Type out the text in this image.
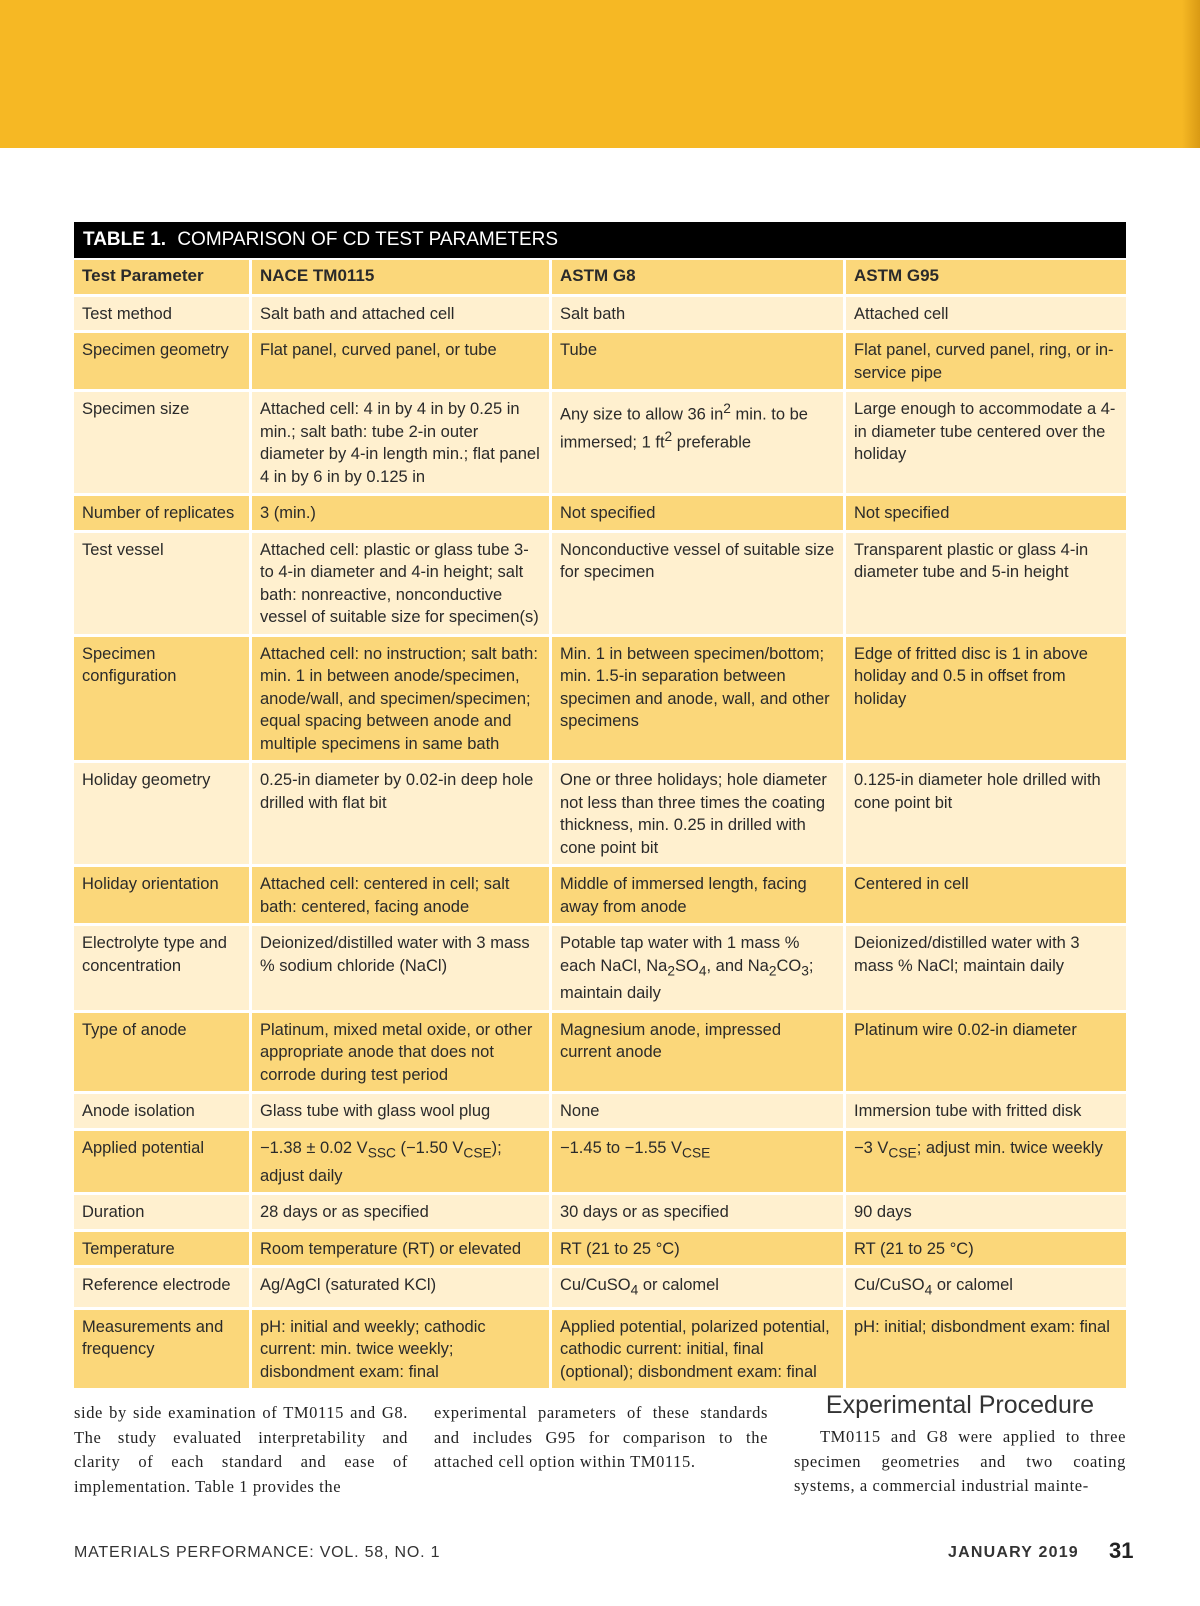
TABLE 1. COMPARISON OF CD TEST PARAMETERS
Test Parameter	NACE TM0115	ASTM G8	ASTM G95
Test method	Salt bath and attached cell	Salt bath	Attached cell
Specimen geometry	Flat panel, curved panel, or tube	Tube	Flat panel, curved panel, ring, or in-service pipe
Specimen size	Attached cell: 4 in by 4 in by 0.25 in min.; salt bath: tube 2-in outer diameter by 4-in length min.; flat panel 4 in by 6 in by 0.125 in	Any size to allow 36 $in^2$ min. to be immersed; 1 $ft^2$ preferable	Large enough to accommodate a 4-in diameter tube centered over the holiday
Number of replicates	3 (min.)	Not specified	Not specified
Test vessel	Attached cell: plastic or glass tube 3- to 4-in diameter and 4-in height; salt bath: nonreactive, nonconductive vessel of suitable size for specimen(s)	Nonconductive vessel of suitable size for specimen	Transparent plastic or glass 4-in diameter tube and 5-in height
Specimen configuration	Attached cell: no instruction; salt bath: min. 1 in between anode/specimen, anode/wall, and specimen/specimen; equal spacing between anode and multiple specimens in same bath	Min. 1 in between specimen/bottom; min. 1.5-in separation between specimen and anode, wall, and other specimens	Edge of fritted disc is 1 in above holiday and 0.5 in offset from holiday
Holiday geometry	0.25-in diameter by 0.02-in deep hole drilled with flat bit	One or three holidays; hole diameter not less than three times the coating thickness, min. 0.25 in drilled with cone point bit	0.125-in diameter hole drilled with cone point bit
Holiday orientation	Attached cell: centered in cell; salt bath: centered, facing anode	Middle of immersed length, facing away from anode	Centered in cell
Electrolyte type and concentration	Deionized/distilled water with 3 mass % sodium chloride (NaCl)	Potable tap water with 1 mass % each NaCl, $Na_2SO_4$, and $Na_2CO_3$; maintain daily	Deionized/distilled water with 3 mass % NaCl; maintain daily
Type of anode	Platinum, mixed metal oxide, or other appropriate anode that does not corrode during test period	Magnesium anode, impressed current anode	Platinum wire 0.02-in diameter
Anode isolation	Glass tube with glass wool plug	None	Immersion tube with fritted disk
Applied potential	−1.38 ± 0.02 $V_{SSC}$ (−1.50 $V_{CSE}$); adjust daily	−1.45 to −1.55 $V_{CSE}$	−3 $V_{CSE}$; adjust min. twice weekly
Duration	28 days or as specified	30 days or as specified	90 days
Temperature	Room temperature (RT) or elevated	RT (21 to 25 °C)	RT (21 to 25 °C)
Reference electrode	Ag/AgCl (saturated KCl)	Cu/CuSO$_4$ or calomel	Cu/CuSO$_4$ or calomel
Measurements and frequency	pH: initial and weekly; cathodic current: min. twice weekly; disbondment exam: final	Applied potential, polarized potential, cathodic current: initial, final (optional); disbondment exam: final	pH: initial; disbondment exam: final
side by side examination of TM0115 and G8. The study evaluated interpretability and clarity of each standard and ease of implementation. Table 1 provides the
experimental parameters of these standards and includes G95 for comparison to the attached cell option within TM0115.
Experimental Procedure
TM0115 and G8 were applied to three specimen geometries and two coating systems, a commercial industrial mainte-
MATERIALS PERFORMANCE: VOL. 58, NO. 1	JANUARY 2019 31
